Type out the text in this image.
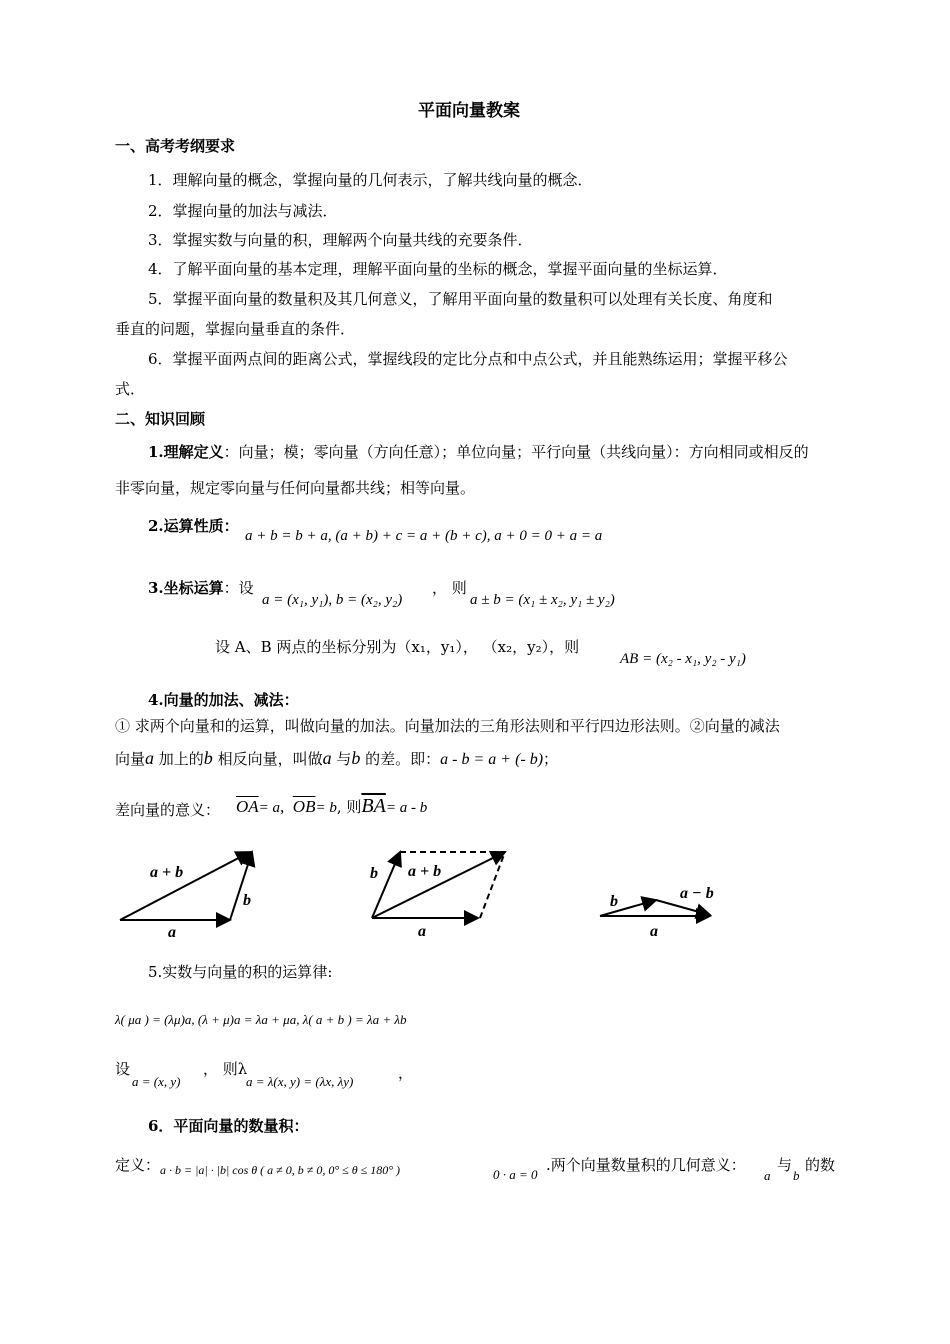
平面向量教案
一、高考考纲要求
1．理解向量的概念，掌握向量的几何表示，了解共线向量的概念．
2．掌握向量的加法与减法．
3．掌握实数与向量的积，理解两个向量共线的充要条件．
4．了解平面向量的基本定理，理解平面向量的坐标的概念，掌握平面向量的坐标运算．
5．掌握平面向量的数量积及其几何意义，了解用平面向量的数量积可以处理有关长度、角度和
垂直的问题，掌握向量垂直的条件．
6．掌握平面两点间的距离公式，掌握线段的定比分点和中点公式，并且能熟练运用；掌握平移公
式．
二、知识回顾
1.理解定义：向量；模；零向量（方向任意）；单位向量；平行向量（共线向量）：方向相同或相反的
非零向量，规定零向量与任何向量都共线；相等向量。
2.运算性质：
a + b = b + a, (a + b) + c = a + (b + c), a + 0 = 0 + a = a
3.坐标运算：设
a = (x₁, y₁), b = (x₂, y₂)
， 则
a ± b = (x₁ ± x₂, y₁ ± y₂)
设 A、B 两点的坐标分别为（x₁，y₁）， （x₂，y₂），则
AB = (x₂ - x₁, y₂ - y₁)
4.向量的加法、减法：
① 求两个向量和的运算，叫做向量的加法。向量加法的三角形法则和平行四边形法则。②向量的减法
向量a 加上的b 相反向量，叫做a 与b 的差。即：a - b = a + (- b)；
差向量的意义： $\overline{OA}= a$,  $\overline{OB}= b$, 则$\overline{BA}= a - b$
a + b
a
b
a + b
a
b
b	a − b
a
5.实数与向量的积的运算律:
λ( μa ) = (λμ)a, (λ + μ)a = λa + μa, λ( a + b ) = λa + λb
设
a = (x, y)
， 则λ
a = λ(x, y) = (λx, λy)	，
6．平面向量的数量积：
定义： a · b = |a| · |b| cos θ ( a ≠ 0, b ≠ 0, 0° ≤ θ ≤ 180° )	0 · a = 0
.两个向量数量积的几何意义：
a
与
b
的数
